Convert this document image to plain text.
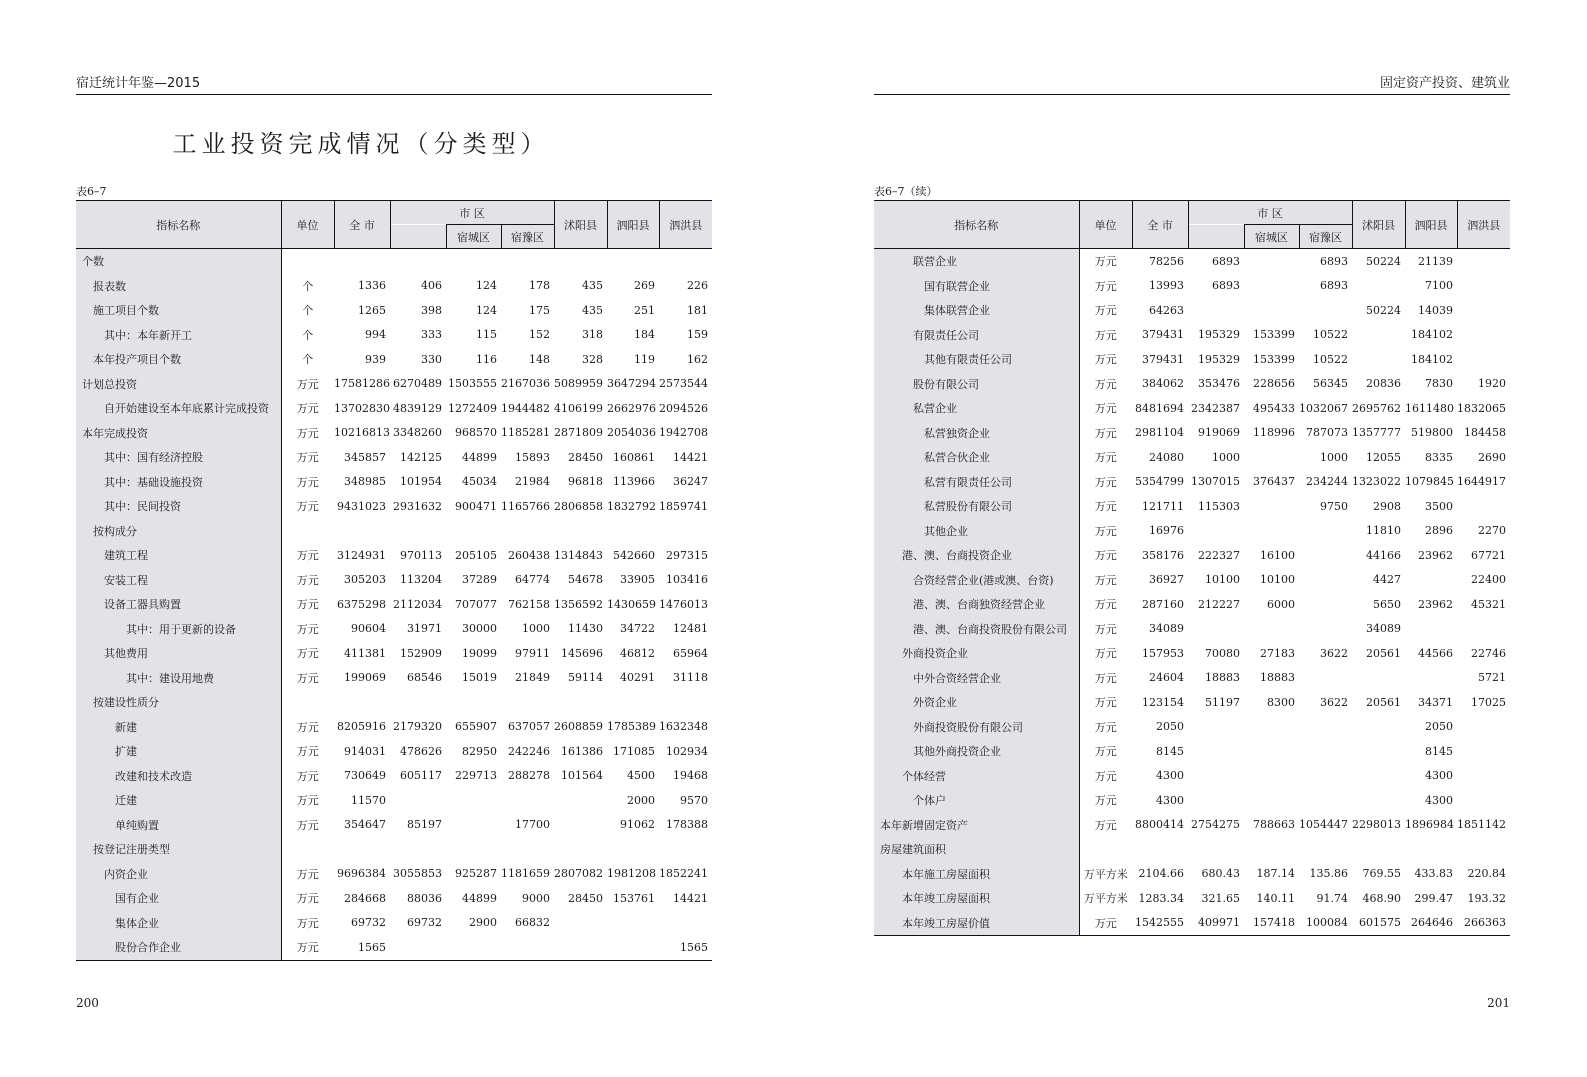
宿迁统计年鉴—2015
工业投资完成情况（分类型）
表6–7
指标名称	单位	全 市	市 区			沭阳县	泗阳县	泗洪县
				宿城区	宿豫区			
个数								
报表数	个	1336	406	124	178	435	269	226
施工项目个数	个	1265	398	124	175	435	251	181
其中：本年新开工	个	994	333	115	152	318	184	159
本年投产项目个数	个	939	330	116	148	328	119	162
计划总投资	万元	17581286	6270489	1503555	2167036	5089959	3647294	2573544
自开始建设至本年底累计完成投资	万元	13702830	4839129	1272409	1944482	4106199	2662976	2094526
本年完成投资	万元	10216813	3348260	968570	1185281	2871809	2054036	1942708
其中：国有经济控股	万元	345857	142125	44899	15893	28450	160861	14421
其中：基础设施投资	万元	348985	101954	45034	21984	96818	113966	36247
其中：民间投资	万元	9431023	2931632	900471	1165766	2806858	1832792	1859741
按构成分								
建筑工程	万元	3124931	970113	205105	260438	1314843	542660	297315
安装工程	万元	305203	113204	37289	64774	54678	33905	103416
设备工器具购置	万元	6375298	2112034	707077	762158	1356592	1430659	1476013
其中：用于更新的设备	万元	90604	31971	30000	1000	11430	34722	12481
其他费用	万元	411381	152909	19099	97911	145696	46812	65964
其中：建设用地费	万元	199069	68546	15019	21849	59114	40291	31118
按建设性质分								
新建	万元	8205916	2179320	655907	637057	2608859	1785389	1632348
扩建	万元	914031	478626	82950	242246	161386	171085	102934
改建和技术改造	万元	730649	605117	229713	288278	101564	4500	19468
迁建	万元	11570					2000	9570
单纯购置	万元	354647	85197		17700		91062	178388
按登记注册类型								
内资企业	万元	9696384	3055853	925287	1181659	2807082	1981208	1852241
国有企业	万元	284668	88036	44899	9000	28450	153761	14421
集体企业	万元	69732	69732	2900	66832			
股份合作企业	万元	1565						1565
200
固定资产投资、建筑业
表6–7（续）
指标名称	单位	全 市	市 区			沭阳县	泗阳县	泗洪县
				宿城区	宿豫区			
联营企业	万元	78256	6893		6893	50224	21139	
国有联营企业	万元	13993	6893		6893		7100	
集体联营企业	万元	64263				50224	14039	
有限责任公司	万元	379431	195329	153399	10522		184102	
其他有限责任公司	万元	379431	195329	153399	10522		184102	
股份有限公司	万元	384062	353476	228656	56345	20836	7830	1920
私营企业	万元	8481694	2342387	495433	1032067	2695762	1611480	1832065
私营独资企业	万元	2981104	919069	118996	787073	1357777	519800	184458
私营合伙企业	万元	24080	1000		1000	12055	8335	2690
私营有限责任公司	万元	5354799	1307015	376437	234244	1323022	1079845	1644917
私营股份有限公司	万元	121711	115303		9750	2908	3500	
其他企业	万元	16976				11810	2896	2270
港、澳、台商投资企业	万元	358176	222327	16100		44166	23962	67721
合资经营企业(港或澳、台资)	万元	36927	10100	10100		4427		22400
港、澳、台商独资经营企业	万元	287160	212227	6000		5650	23962	45321
港、澳、台商投资股份有限公司	万元	34089				34089		
外商投资企业	万元	157953	70080	27183	3622	20561	44566	22746
中外合资经营企业	万元	24604	18883	18883				5721
外资企业	万元	123154	51197	8300	3622	20561	34371	17025
外商投资股份有限公司	万元	2050					2050	
其他外商投资企业	万元	8145					8145	
个体经营	万元	4300					4300	
个体户	万元	4300					4300	
本年新增固定资产	万元	8800414	2754275	788663	1054447	2298013	1896984	1851142
房屋建筑面积								
本年施工房屋面积	万平方米	2104.66	680.43	187.14	135.86	769.55	433.83	220.84
本年竣工房屋面积	万平方米	1283.34	321.65	140.11	91.74	468.90	299.47	193.32
本年竣工房屋价值	万元	1542555	409971	157418	100084	601575	264646	266363
201
